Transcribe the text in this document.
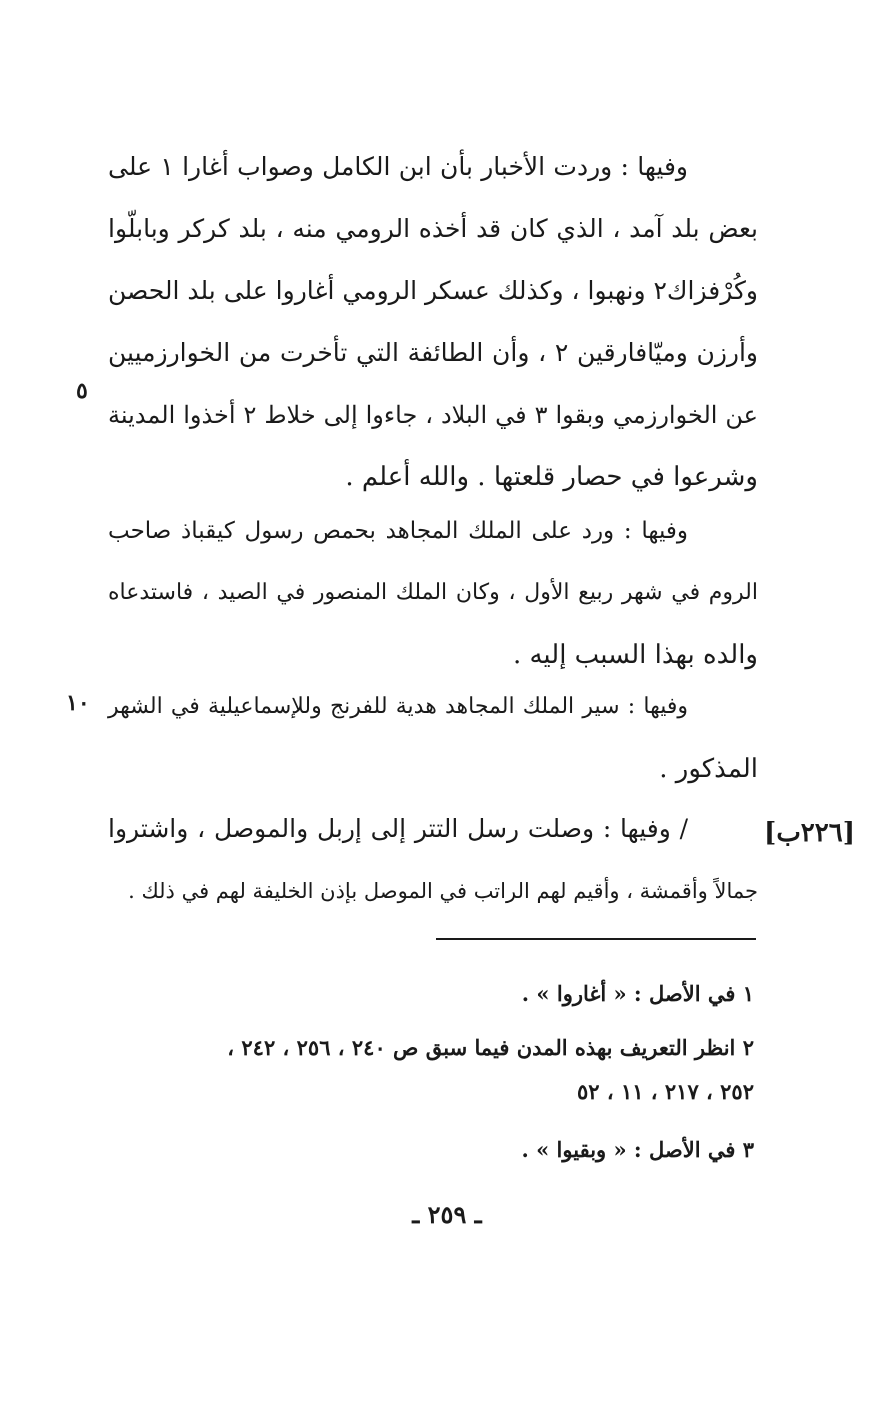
وفيها : وردت الأخبار بأن ابن الكامل وصواب أغارا ١ على
بعض بلد آمد ، الذي كان قد أخذه الرومي منه ، بلد كركر وبابلّوا
وكُرْفزاك٢ ونهبوا ، وكذلك عسكر الرومي أغاروا على بلد الحصن
وأرزن وميّافارقين ٢ ، وأن الطائفة التي تأخرت من الخوارزميين
عن الخوارزمي وبقوا ٣ في البلاد ، جاءوا إلى خلاط ٢ أخذوا المدينة
وشرعوا في حصار قلعتها . والله أعلم .
٥
وفيها : ورد على الملك المجاهد بحمص رسول كيقباذ صاحب
الروم في شهر ربيع الأول ، وكان الملك المنصور في الصيد ، فاستدعاه
والده بهذا السبب إليه .
وفيها : سير الملك المجاهد هدية للفرنج وللإسماعيلية في الشهر
المذكور .
١٠
/ وفيها : وصلت رسل التتر إلى إربل والموصل ، واشتروا
جمالاً وأقمشة ، وأقيم لهم الراتب في الموصل بإذن الخليفة لهم في ذلك .
[٢٢٦ب]
١ في الأصل : « أغاروا » .
٢ انظر التعريف بهذه المدن فيما سبق ص ٢٤٠ ، ٢٥٦ ، ٢٤٢ ،
٢٥٢ ، ٢١٧ ، ١١ ، ٥٢
٣ في الأصل : « وبقيوا » .
ـ ٢٥٩ ـ
